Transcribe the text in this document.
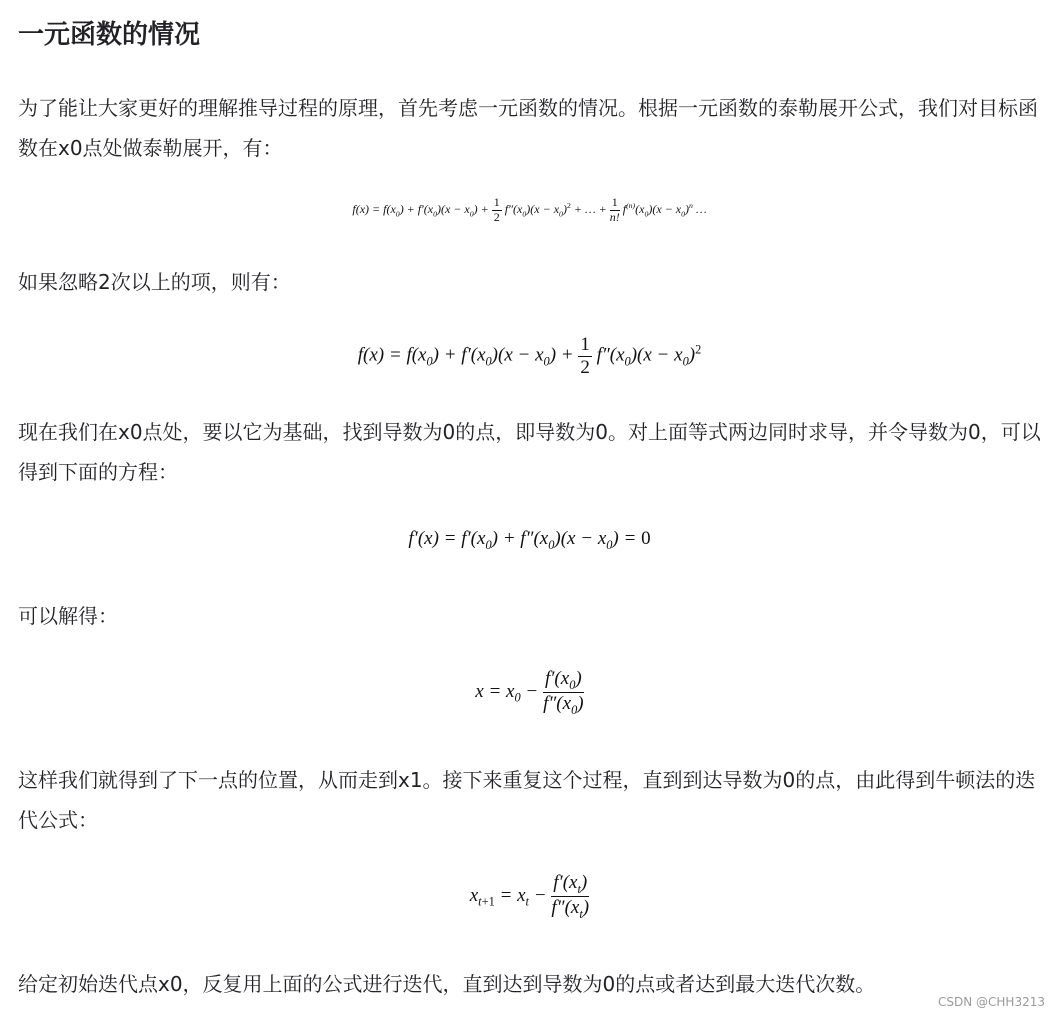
一元函数的情况

为了能让大家更好的理解推导过程的原理，首先考虑一元函数的情况。根据一元函数的泰勒展开公式，我们对目标函数在x0点处做泰勒展开，有：

$f(x) = f(x_0) + f'(x_0)(x - x_0) + \frac{1}{2} f''(x_0)(x - x_0)^2$ + … + $\frac{1}{n!} f^{(n)}(x_0)(x - x_0)^n$ …

如果忽略2次以上的项，则有：

$f(x) = f(x_0) + f'(x_0)(x - x_0) + \frac{1}{2} f''(x_0)(x - x_0)^2$

现在我们在x0点处，要以它为基础，找到导数为0的点，即导数为0。对上面等式两边同时求导，并令导数为0，可以得到下面的方程：

$f'(x) = f'(x_0) + f''(x_0)(x - x_0) = 0$

可以解得：

$x = x_0 - \frac{f'(x_0)}{f''(x_0)}$

这样我们就得到了下一点的位置，从而走到x1。接下来重复这个过程，直到到达导数为0的点，由此得到牛顿法的迭代公式：

$x_{t+1} = x_t - \frac{f'(x_t)}{f''(x_t)}$

给定初始迭代点x0，反复用上面的公式进行迭代，直到达到导数为0的点或者达到最大迭代次数。

CSDN @CHH3213
